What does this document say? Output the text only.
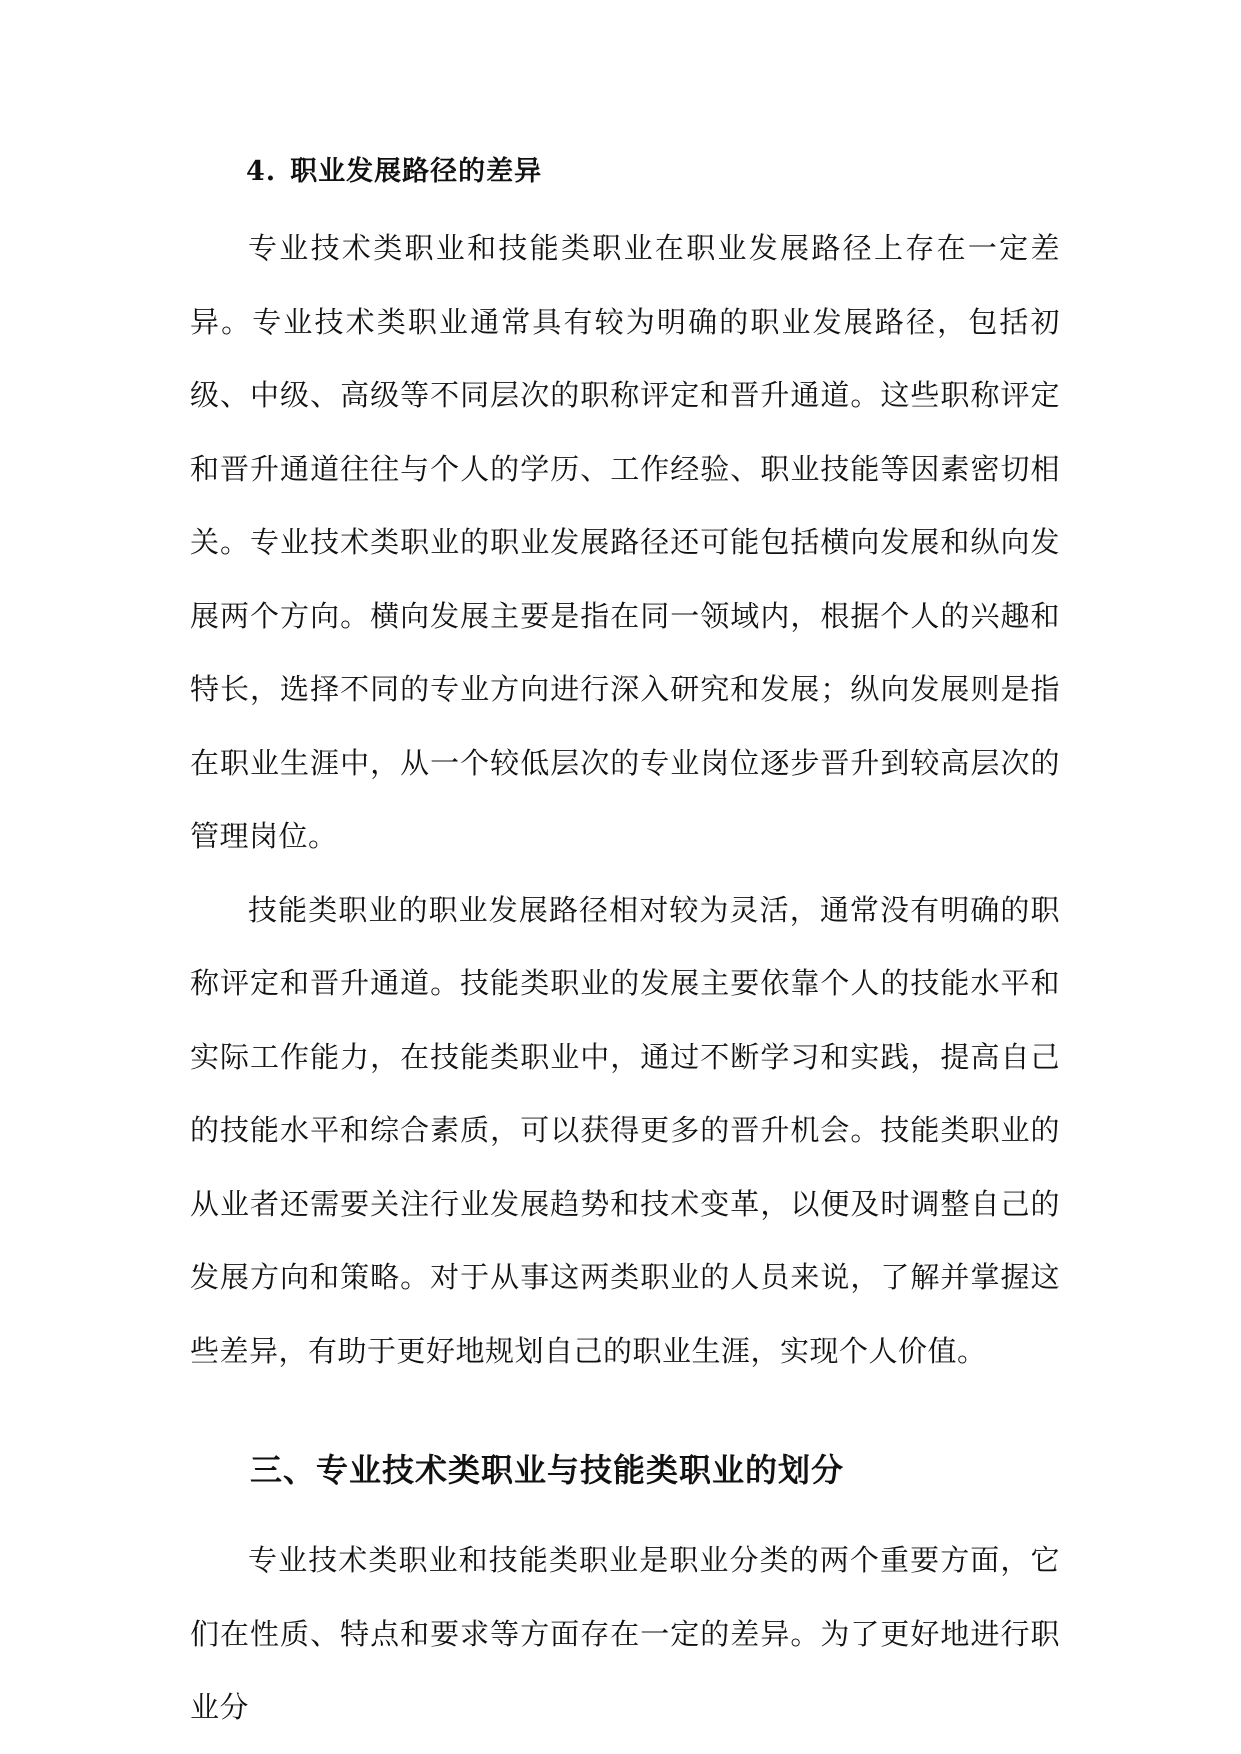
4. 职业发展路径的差异

专业技术类职业和技能类职业在职业发展路径上存在一定差异。专业技术类职业通常具有较为明确的职业发展路径，包括初级、中级、高级等不同层次的职称评定和晋升通道。这些职称评定和晋升通道往往与个人的学历、工作经验、职业技能等因素密切相关。专业技术类职业的职业发展路径还可能包括横向发展和纵向发展两个方向。横向发展主要是指在同一领域内，根据个人的兴趣和特长，选择不同的专业方向进行深入研究和发展；纵向发展则是指在职业生涯中，从一个较低层次的专业岗位逐步晋升到较高层次的管理岗位。

技能类职业的职业发展路径相对较为灵活，通常没有明确的职称评定和晋升通道。技能类职业的发展主要依靠个人的技能水平和实际工作能力，在技能类职业中，通过不断学习和实践，提高自己的技能水平和综合素质，可以获得更多的晋升机会。技能类职业的从业者还需要关注行业发展趋势和技术变革，以便及时调整自己的发展方向和策略。对于从事这两类职业的人员来说，了解并掌握这些差异，有助于更好地规划自己的职业生涯，实现个人价值。

三、专业技术类职业与技能类职业的划分

专业技术类职业和技能类职业是职业分类的两个重要方面，它们在性质、特点和要求等方面存在一定的差异。为了更好地进行职业分
